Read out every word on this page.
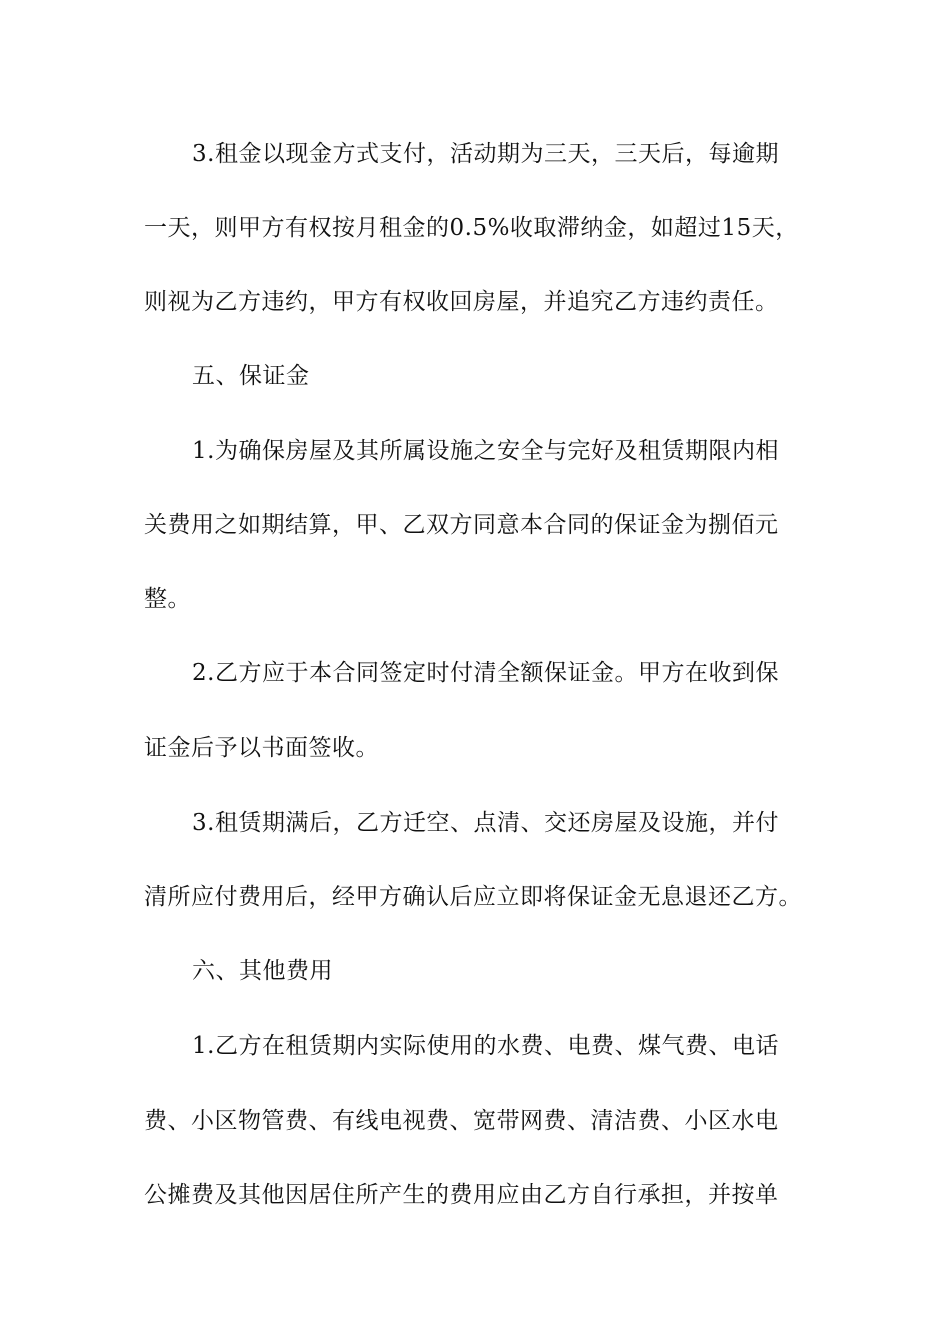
3.租金以现金方式支付，活动期为三天，三天后，每逾期
一天，则甲方有权按月租金的0.5%收取滞纳金，如超过15天，
则视为乙方违约，甲方有权收回房屋，并追究乙方违约责任。
五、保证金
1.为确保房屋及其所属设施之安全与完好及租赁期限内相
关费用之如期结算，甲、乙双方同意本合同的保证金为捌佰元
整。
2.乙方应于本合同签定时付清全额保证金。甲方在收到保
证金后予以书面签收。
3.租赁期满后，乙方迁空、点清、交还房屋及设施，并付
清所应付费用后，经甲方确认后应立即将保证金无息退还乙方。
六、其他费用
1.乙方在租赁期内实际使用的水费、电费、煤气费、电话
费、小区物管费、有线电视费、宽带网费、清洁费、小区水电
公摊费及其他因居住所产生的费用应由乙方自行承担，并按单
